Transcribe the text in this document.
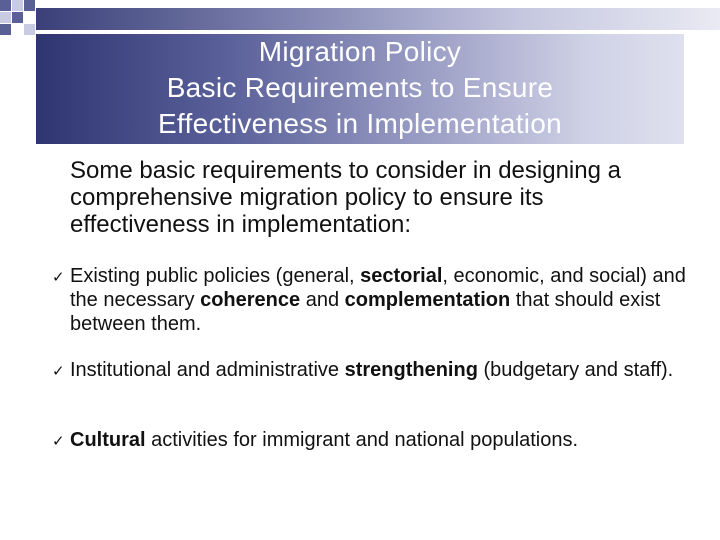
Migration Policy
Basic Requirements to Ensure
Effectiveness in Implementation

Some basic requirements to consider in designing a comprehensive migration policy to ensure its effectiveness in implementation:

✓ Existing public policies (general, sectorial, economic, and social) and the necessary coherence and complementation that should exist between them.
✓ Institutional and administrative strengthening (budgetary and staff).
✓ Cultural activities for immigrant and national populations.
